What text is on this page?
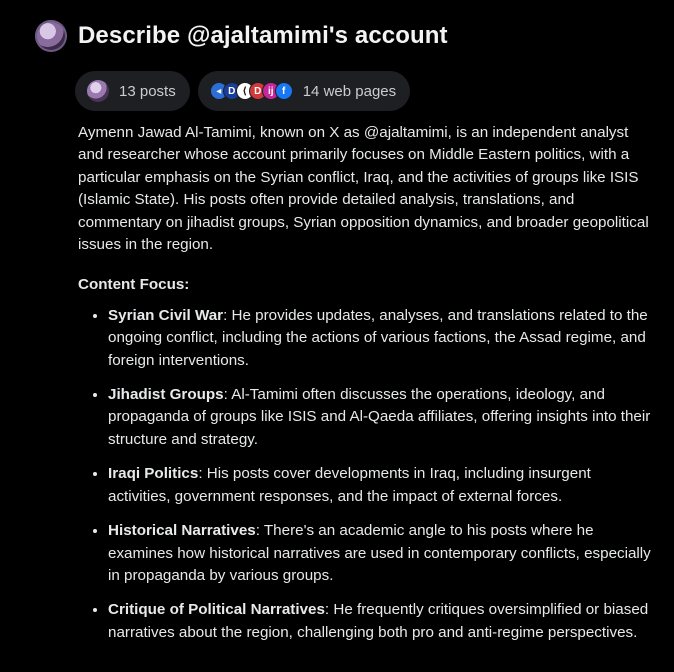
Describe @ajaltamimi's account
13 posts	◂ D ⟨ D ij f	14 web pages

Aymenn Jawad Al-Tamimi, known on X as @ajaltamimi, is an independent analyst and researcher whose account primarily focuses on Middle Eastern politics, with a particular emphasis on the Syrian conflict, Iraq, and the activities of groups like ISIS (Islamic State). His posts often provide detailed analysis, translations, and commentary on jihadist groups, Syrian opposition dynamics, and broader geopolitical issues in the region.

Content Focus:

• Syrian Civil War: He provides updates, analyses, and translations related to the ongoing conflict, including the actions of various factions, the Assad regime, and foreign interventions.
• Jihadist Groups: Al-Tamimi often discusses the operations, ideology, and propaganda of groups like ISIS and Al-Qaeda affiliates, offering insights into their structure and strategy.
• Iraqi Politics: His posts cover developments in Iraq, including insurgent activities, government responses, and the impact of external forces.
• Historical Narratives: There's an academic angle to his posts where he examines how historical narratives are used in contemporary conflicts, especially in propaganda by various groups.
• Critique of Political Narratives: He frequently critiques oversimplified or biased narratives about the region, challenging both pro and anti-regime perspectives.
